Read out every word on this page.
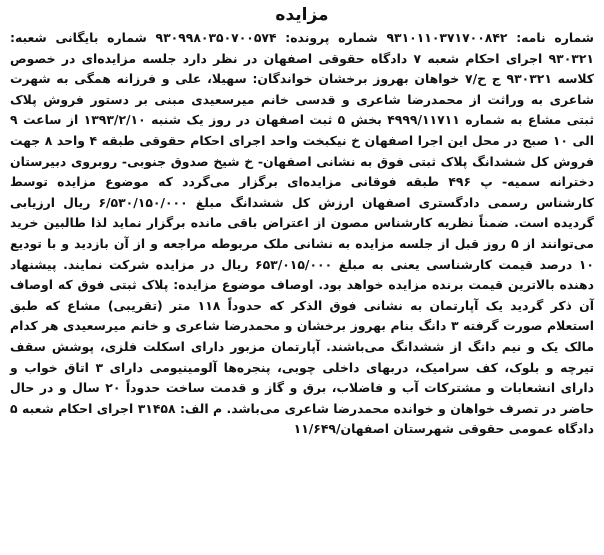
مزایده

شماره نامه: ۹۳۱۰۱۱۰۳۷۱۷۰۰۸۴۲ شماره پرونده: ۹۳۰۹۹۸۰۳۵۰۷۰۰۵۷۴ شماره بایگانی شعبه: ۹۳۰۳۲۱ اجرای احکام شعبه ۷ دادگاه حقوقی اصفهان در نظر دارد جلسه مزایده‌ای در خصوص کلاسه ۹۳۰۳۲۱ ج ح/۷ خواهان بهروز برخشان خواندگان: سهیلا، علی و فرزانه همگی به شهرت شاعری به وراثت از محمدرضا شاعری و قدسی خانم میرسعیدی مبنی بر دستور فروش پلاک ثبتی مشاع به شماره ۴۹۹۹/۱۱۷۱۱ بخش ۵ ثبت اصفهان در روز یک شنبه ۱۳۹۳/۲/۱۰ از ساعت ۹ الی ۱۰ صبح در محل این اجرا اصفهان خ نیکبخت واحد اجرای احکام حقوقی طبقه ۴ واحد ۸ جهت فروش کل ششدانگ پلاک ثبتی فوق به نشانی اصفهان- خ شیخ صدوق جنوبی- روبروی دبیرستان دخترانه سمیه- پ ۴۹۶ طبقه فوقانی مزایده‌ای برگزار می‌گردد که موضوع مزایده توسط کارشناس رسمی دادگستری اصفهان ارزش کل ششدانگ مبلغ ۶/۵۳۰/۱۵۰/۰۰۰ ریال ارزیابی گردیده است. ضمناً نظریه کارشناس مصون از اعتراض باقی مانده برگزار نماید لذا طالبین خرید می‌توانند از ۵ روز قبل از جلسه مزایده به نشانی ملک مربوطه مراجعه و از آن بازدید و با تودیع ۱۰ درصد قیمت کارشناسی یعنی به مبلغ ۶۵۳/۰۱۵/۰۰۰ ریال در مزایده شرکت نمایند. پیشنهاد دهنده بالاترین قیمت برنده مزایده خواهد بود. اوصاف موضوع مزایده: پلاک ثبتی فوق که اوصاف آن ذکر گردید یک آپارتمان به نشانی فوق الذکر که حدوداً ۱۱۸ متر (تقریبی) مشاع که طبق استعلام صورت گرفته ۳ دانگ بنام بهروز برخشان و محمدرضا شاعری و خانم میرسعیدی هر کدام مالک یک و نیم دانگ از ششدانگ می‌باشند. آپارتمان مزبور دارای اسکلت فلزی، پوشش سقف تیرچه و بلوک، کف سرامیک، دربهای داخلی چوبی، پنجره‌ها آلومینیومی دارای ۳ اتاق خواب و دارای انشعابات و مشترکات آب و فاضلاب، برق و گاز و قدمت ساخت حدوداً ۲۰ سال و در حال حاضر در تصرف خواهان و خوانده محمدرضا شاعری می‌باشد. م الف: ۳۱۴۵۸ اجرای احکام شعبه ۵ دادگاه عمومی حقوقی شهرستان اصفهان/۱۱/۶۴۹
